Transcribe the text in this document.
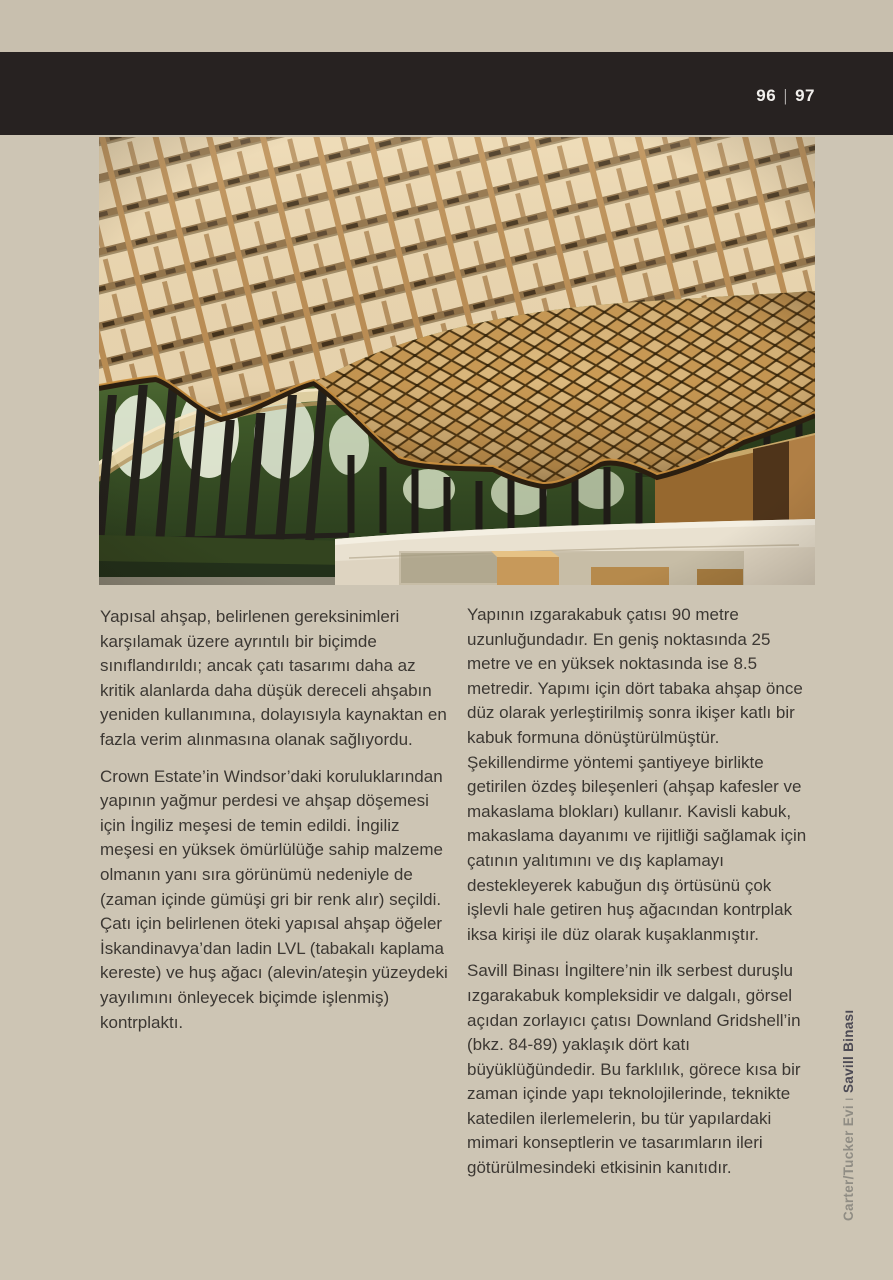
96 | 97

Yapısal ahşap, belirlenen gereksinimleri karşılamak üzere ayrıntılı bir biçimde sınıflandırıldı; ancak çatı tasarımı daha az kritik alanlarda daha düşük dereceli ahşabın yeniden kullanımına, dolayısıyla kaynaktan en fazla verim alınmasına olanak sağlıyordu.

Crown Estate’in Windsor’daki koruluklarından yapının yağmur perdesi ve ahşap döşemesi için İngiliz meşesi de temin edildi. İngiliz meşesi en yüksek ömürlülüğe sahip malzeme olmanın yanı sıra görünümü nedeniyle de (zaman içinde gümüşi gri bir renk alır) seçildi. Çatı için belirlenen öteki yapısal ahşap öğeler İskandinavya’dan ladin LVL (tabakalı kaplama kereste) ve huş ağacı (alevin/ateşin yüzeydeki yayılımını önleyecek biçimde işlenmiş) kontrplaktı.

Yapının ızgarakabuk çatısı 90 metre uzunluğundadır. En geniş noktasında 25 metre ve en yüksek noktasında ise 8.5 metredir. Yapımı için dört tabaka ahşap önce düz olarak yerleştirilmiş sonra ikişer katlı bir kabuk formuna dönüştürülmüştür. Şekillendirme yöntemi şantiyeye birlikte getirilen özdeş bileşenleri (ahşap kafesler ve makaslama blokları) kullanır. Kavisli kabuk, makaslama dayanımı ve rijitliği sağlamak için çatının yalıtımını ve dış kaplamayı destekleyerek kabuğun dış örtüsünü çok işlevli hale getiren huş ağacından kontrplak iksa kirişi ile düz olarak kuşaklanmıştır.

Savill Binası İngiltere’nin ilk serbest duruşlu ızgarakabuk kompleksidir ve dalgalı, görsel açıdan zorlayıcı çatısı Downland Gridshell’in (bkz. 84-89) yaklaşık dört katı büyüklüğündedir. Bu farklılık, görece kısa bir zaman içinde yapı teknolojilerinde, teknikte katedilen ilerlemelerin, bu tür yapılardaki mimari konseptlerin ve tasarımların ileri götürülmesindeki etkisinin kanıtıdır.	Carter/Tucker EviıSavill Binası
